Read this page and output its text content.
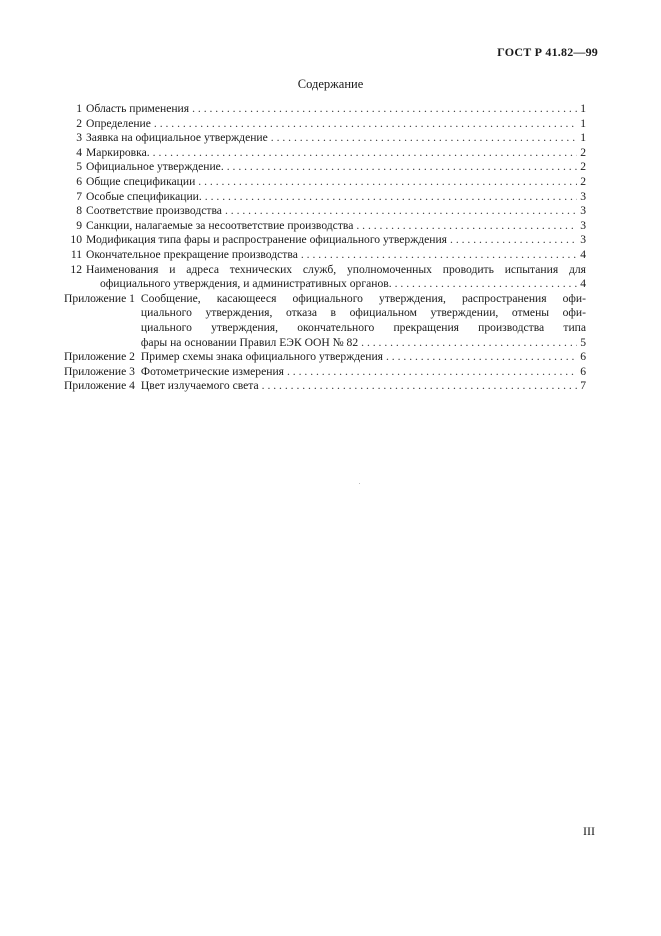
ГОСТ Р 41.82—99
Содержание
1 Область применения . . .	1
2 Определение . . .	1
3 Заявка на официальное утверждение . . .	1
4 Маркировка. . . .	2
5 Официальное утверждение. . . .	2
6 Общие спецификации . . .	2
7 Особые спецификации. . . .	3
8 Соответствие производства . . .	3
9 Санкции, налагаемые за несоответствие производства . . .	3
10 Модификация типа фары и распространение официального утверждения . . .	3
11 Окончательное прекращение производства . . .	4
12 Наименования и адреса технических служб, уполномоченных проводить испытания для
официального утверждения, и административных органов. . . .	4
Приложение 1 Сообщение, касающееся официального утверждения, распространения офи-
циального утверждения, отказа в официальном утверждении, отмены офи-
циального утверждения, окончательного прекращения производства типа
фары на основании Правил ЕЭК ООН № 82 . . .	5
Приложение 2 Пример схемы знака официального утверждения . . .	6
Приложение 3 Фотометрические измерения . . .	6
Приложение 4 Цвет излучаемого света . . .	7
III
